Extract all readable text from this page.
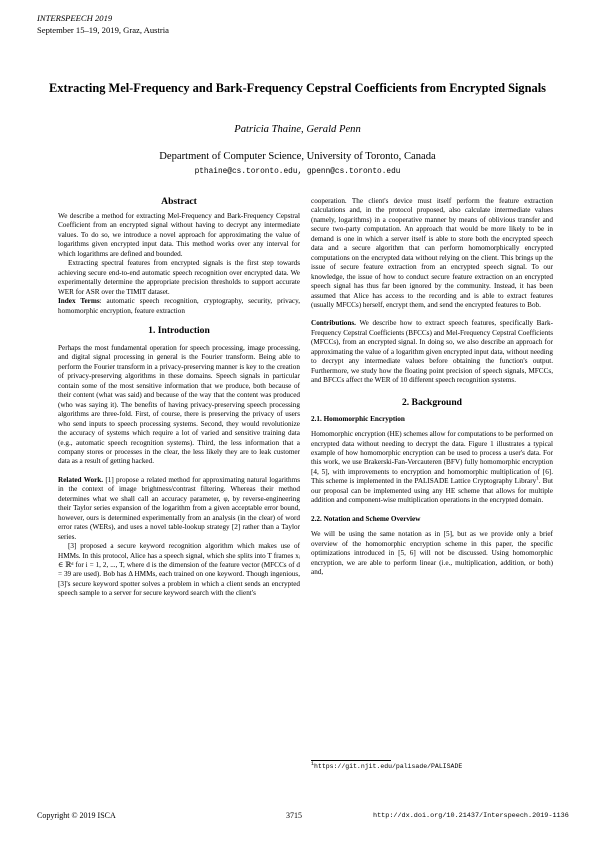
INTERSPEECH 2019
September 15–19, 2019, Graz, Austria
Extracting Mel-Frequency and Bark-Frequency Cepstral Coefficients from Encrypted Signals
Patricia Thaine, Gerald Penn
Department of Computer Science, University of Toronto, Canada
pthaine@cs.toronto.edu, gpenn@cs.toronto.edu

Abstract

We describe a method for extracting Mel-Frequency and Bark-Frequency Cepstral Coefficient from an encrypted signal without having to decrypt any intermediate values. To do so, we introduce a novel approach for approximating the value of logarithms given encrypted input data. This method works over any interval for which logarithms are defined and bounded.

Extracting spectral features from encrypted signals is the first step towards achieving secure end-to-end automatic speech recognition over encrypted data. We experimentally determine the appropriate precision thresholds to support accurate WER for ASR over the TIMIT dataset.

Index Terms: automatic speech recognition, cryptography, security, privacy, homomorphic encryption, feature extraction

1. Introduction

Perhaps the most fundamental operation for speech processing, image processing, and digital signal processing in general is the Fourier transform. Being able to perform the Fourier transform in a privacy-preserving manner is key to the creation of privacy-preserving algorithms in these domains. Speech signals in particular contain some of the most sensitive information that we produce, both because of their content (what was said) and because of the way that the content was produced (who was saying it). The benefits of having privacy-preserving speech processing algorithms are three-fold. First, of course, there is preserving the privacy of users who send inputs to speech processing systems. Second, they would revolutionize the accuracy of systems which require a lot of varied and sensitive training data (e.g., automatic speech recognition systems). Third, the less information that a company stores or processes in the clear, the less likely they are to leak customer data as a result of getting hacked.

Related Work. [1] propose a related method for approximating natural logarithms in the context of image brightness/contrast filtering. Whereas their method determines what we shall call an accuracy parameter, φ, by reverse-engineering their Taylor series expansion of the logarithm from a given acceptable error bound, however, ours is determined experimentally from an analysis (in the clear) of word error rates (WERs), and uses a novel table-lookup strategy [2] rather than a Taylor series.

[3] proposed a secure keyword recognition algorithm which makes use of HMMs. In this protocol, Alice has a speech signal, which she splits into T frames xᵢ ∈ ℝᵈ for i = 1, 2, ..., T, where d is the dimension of the feature vector (MFCCs of d = 39 are used). Bob has Δ HMMs, each trained on one keyword. Though ingenious, [3]'s secure keyword spotter solves a problem in which a client sends an encrypted speech sample to a server for secure keyword search with the client's

cooperation. The client's device must itself perform the feature extraction calculations and, in the protocol proposed, also calculate intermediate values (namely, logarithms) in a cooperative manner by means of oblivious transfer and secure two-party computation. An approach that would be more likely to be in demand is one in which a server itself is able to store both the encrypted speech data and a secure algorithm that can perform homomorphically encrypted computations on the encrypted data without relying on the client. This brings up the issue of secure feature extraction from an encrypted speech signal. To our knowledge, the issue of how to conduct secure feature extraction on an encrypted speech signal has thus far been ignored by the community. Instead, it has been assumed that Alice has access to the recording and is able to extract features (usually MFCCs) herself, encrypt them, and send the encrypted features to Bob.

Contributions. We describe how to extract speech features, specifically Bark-Frequency Cepstral Coefficients (BFCCs) and Mel-Frequency Cepstral Coefficients (MFCCs), from an encrypted signal. In doing so, we also describe an approach for approximating the value of a logarithm given encrypted input data, without needing to decrypt any intermediate values before obtaining the function's output. Furthermore, we study how the floating point precision of speech signals, MFCCs, and BFCCs affect the WER of 10 different speech recognition systems.

2. Background

2.1. Homomorphic Encryption

Homomorphic encryption (HE) schemes allow for computations to be performed on encrypted data without needing to decrypt the data. Figure 1 illustrates a typical example of how homomorphic encryption can be used to process a user's data. For this work, we use Brakerski-Fan-Vercauteren (BFV) fully homomorphic encryption [4, 5], with improvements to encryption and homomorphic multiplication of [6]. This scheme is implemented in the PALISADE Lattice Cryptography Library$^1$. But our proposal can be implemented using any HE scheme that allows for multiple addition and component-wise multiplication operations in the encrypted domain.

2.2. Notation and Scheme Overview

We will be using the same notation as in [5], but as we provide only a brief overview of the homomorphic encryption scheme in this paper, the specific optimizations introduced in [5, 6] will not be discussed. Using homomorphic encryption, we are able to perform linear (i.e., multiplication, addition, or both) and,

$^1$https://git.njit.edu/palisade/PALISADE
Copyright © 2019 ISCA	3715	http://dx.doi.org/10.21437/Interspeech.2019-1136
